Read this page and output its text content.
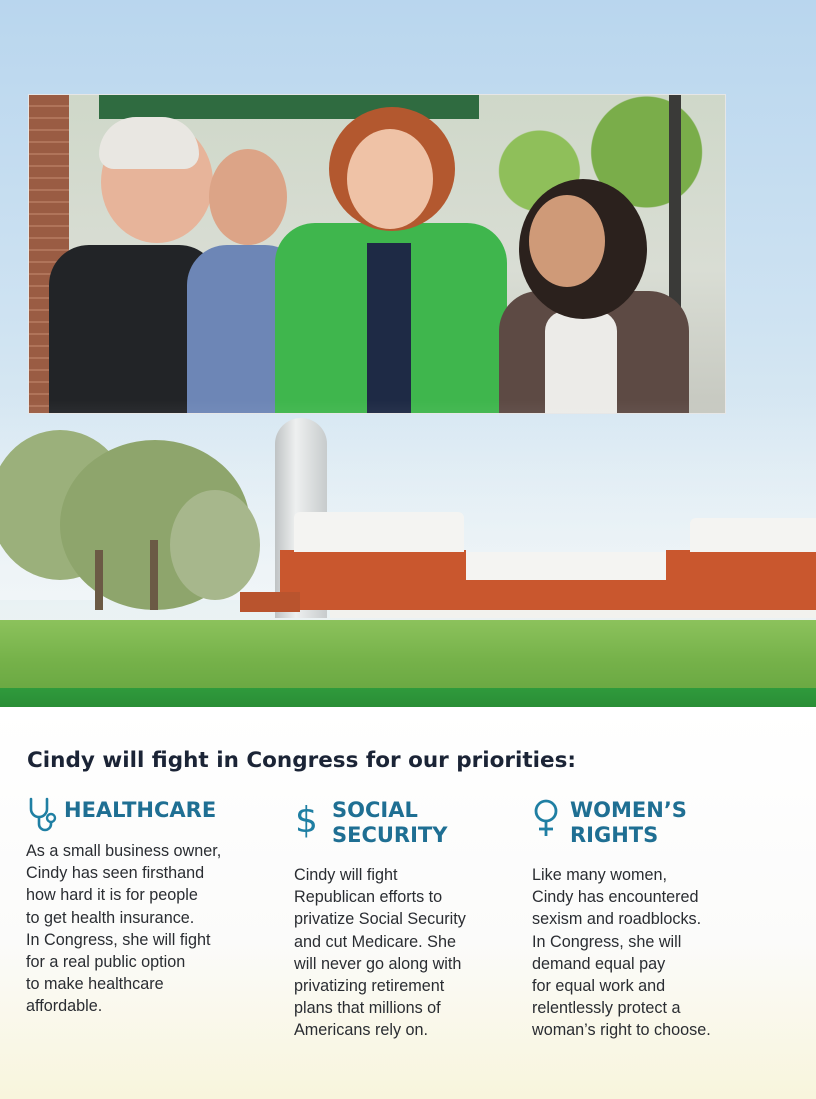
Cindy will fight in Congress for our priorities:
HEALTHCARE
As a small business owner,
Cindy has seen firsthand
how hard it is for people
to get health insurance.
In Congress, she will fight
for a real public option
to make healthcare
affordable.
$ SOCIAL
SECURITY
Cindy will fight
Republican efforts to
privatize Social Security
and cut Medicare. She
will never go along with
privatizing retirement
plans that millions of
Americans rely on.
WOMEN’S
RIGHTS
Like many women,
Cindy has encountered
sexism and roadblocks.
In Congress, she will
demand equal pay
for equal work and
relentlessly protect a
woman’s right to choose.
